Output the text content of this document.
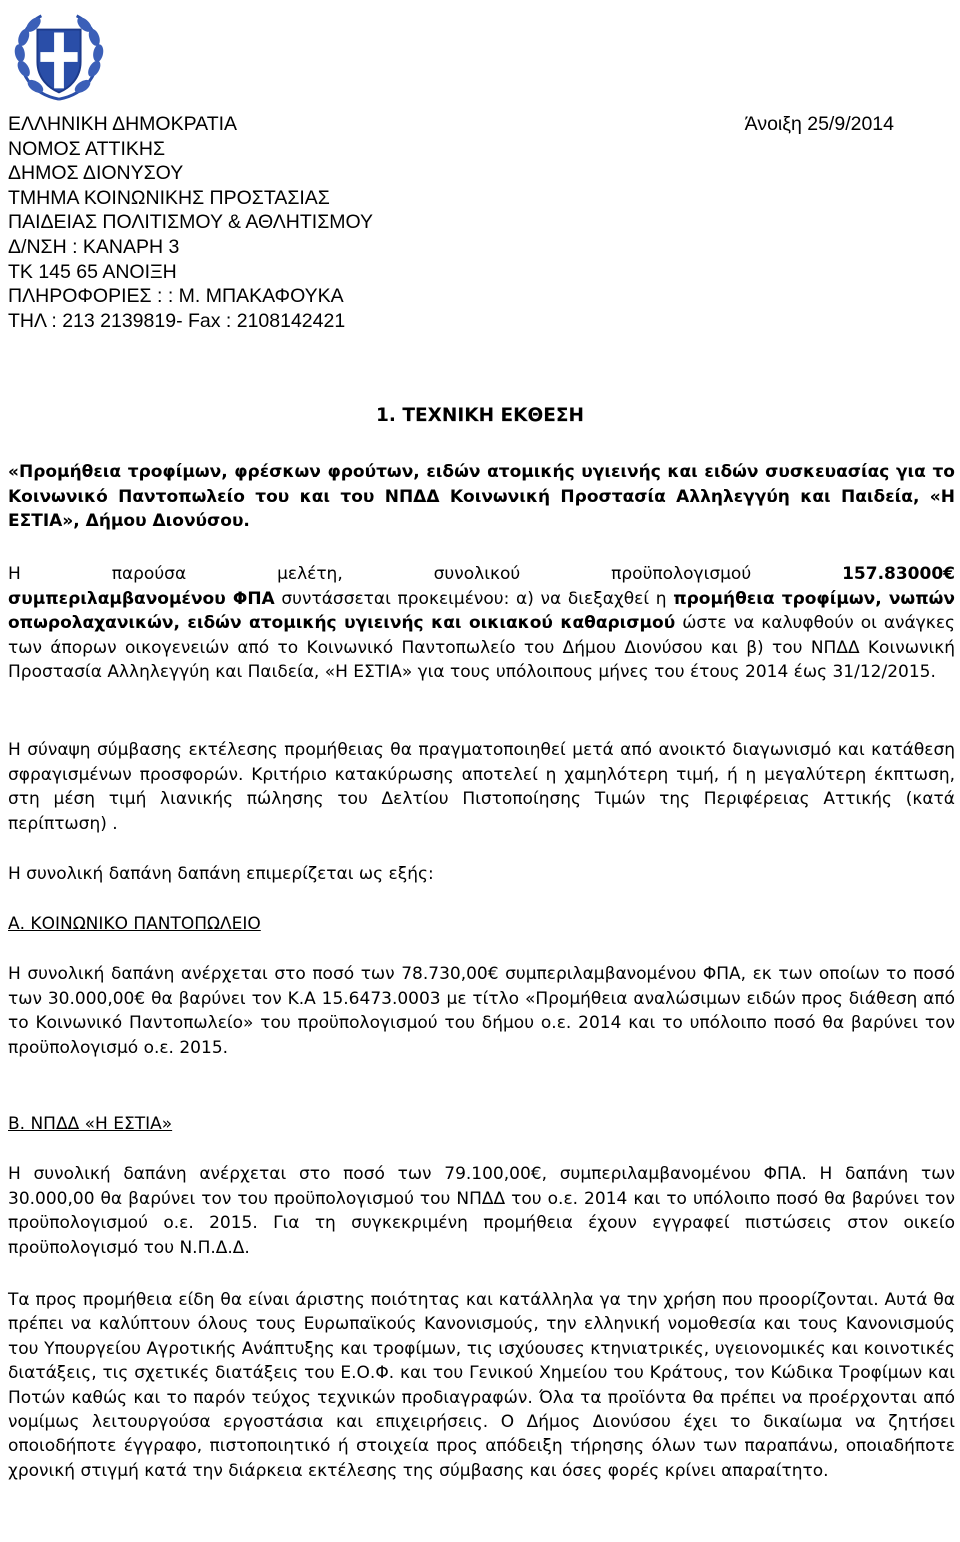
ΕΛΛΗΝΙΚΗ ΔΗΜΟΚΡΑΤΙΑ
ΝΟΜΟΣ ΑΤΤΙΚΗΣ
ΔΗΜΟΣ ΔΙΟΝΥΣΟΥ
ΤΜΗΜΑ ΚΟΙΝΩΝΙΚΗΣ ΠΡΟΣΤΑΣΙΑΣ
ΠΑΙΔΕΙΑΣ ΠΟΛΙΤΙΣΜΟΥ & ΑΘΛΗΤΙΣΜΟΥ
Δ/ΝΣΗ : ΚΑΝΑΡΗ 3
ΤΚ 145 65 ΑΝΟΙΞΗ
ΠΛΗΡΟΦΟΡΙΕΣ : : Μ. ΜΠΑΚΑΦΟΥΚΑ
ΤΗΛ : 213 2139819- Fax : 2108142421
Άνοιξη 25/9/2014
1. ΤΕΧΝΙΚΗ ΕΚΘΕΣΗ
«Προμήθεια τροφίμων, φρέσκων φρούτων, ειδών ατομικής υγιεινής και ειδών συσκευασίας για το Κοινωνικό Παντοπωλείο του και του ΝΠΔΔ Κοινωνική Προστασία Αλληλεγγύη και Παιδεία, «Η ΕΣΤΙΑ», Δήμου Διονύσου.
Η παρούσα μελέτη, συνολικού προϋπολογισμού	157.83000€
συμπεριλαμβανομένου ΦΠΑ συντάσσεται προκειμένου: α) να διεξαχθεί η προμήθεια τροφίμων, νωπών οπωρολαχανικών, ειδών ατομικής υγιεινής και οικιακού καθαρισμού ώστε να καλυφθούν οι ανάγκες των άπορων οικογενειών από το Κοινωνικό Παντοπωλείο του Δήμου Διονύσου και β) του ΝΠΔΔ Κοινωνική Προστασία Αλληλεγγύη και Παιδεία, «Η ΕΣΤΙΑ» για τους υπόλοιπους μήνες του έτους 2014 έως 31/12/2015.
Η σύναψη σύμβασης εκτέλεσης προμήθειας θα πραγματοποιηθεί μετά από ανοικτό διαγωνισμό και κατάθεση σφραγισμένων προσφορών. Κριτήριο κατακύρωσης αποτελεί η χαμηλότερη τιμή, ή η μεγαλύτερη έκπτωση, στη μέση τιμή λιανικής πώλησης του Δελτίου Πιστοποίησης Τιμών της Περιφέρειας Αττικής (κατά περίπτωση) .
Η συνολική δαπάνη δαπάνη επιμερίζεται ως εξής:
Α. ΚΟΙΝΩΝΙΚΟ ΠΑΝΤΟΠΩΛΕΙΟ
Η συνολική δαπάνη ανέρχεται στο ποσό των 78.730,00€ συμπεριλαμβανομένου ΦΠΑ, εκ των οποίων το ποσό των 30.000,00€ θα βαρύνει τον Κ.Α 15.6473.0003 με τίτλο «Προμήθεια αναλώσιμων ειδών προς διάθεση από το Κοινωνικό Παντοπωλείο» του προϋπολογισμού του δήμου ο.ε. 2014 και το υπόλοιπο ποσό θα βαρύνει τον προϋπολογισμό ο.ε. 2015.
Β. ΝΠΔΔ «Η ΕΣΤΙΑ»
Η συνολική δαπάνη ανέρχεται στο ποσό των 79.100,00€, συμπεριλαμβανομένου ΦΠΑ. Η δαπάνη των 30.000,00 θα βαρύνει τον του προϋπολογισμού του ΝΠΔΔ του ο.ε. 2014 και το υπόλοιπο ποσό θα βαρύνει τον προϋπολογισμού ο.ε. 2015. Για τη συγκεκριμένη προμήθεια έχουν εγγραφεί πιστώσεις στον οικείο προϋπολογισμό του Ν.Π.Δ.Δ.
Τα προς προμήθεια είδη θα είναι άριστης ποιότητας και κατάλληλα γα την χρήση που προορίζονται. Αυτά θα πρέπει να καλύπτουν όλους τους Ευρωπαϊκούς Κανονισμούς, την ελληνική νομοθεσία και τους Κανονισμούς του Υπουργείου Αγροτικής Ανάπτυξης και τροφίμων, τις ισχύουσες κτηνιατρικές, υγειονομικές και κοινοτικές διατάξεις, τις σχετικές διατάξεις του Ε.Ο.Φ. και του Γενικού Χημείου του Κράτους, τον Κώδικα Τροφίμων και Ποτών καθώς και το παρόν τεύχος τεχνικών προδιαγραφών. Όλα τα προϊόντα θα πρέπει να προέρχονται από νομίμως λειτουργούσα εργοστάσια και επιχειρήσεις. Ο Δήμος Διονύσου έχει το δικαίωμα να ζητήσει οποιοδήποτε έγγραφο, πιστοποιητικό ή στοιχεία προς απόδειξη τήρησης όλων των παραπάνω, οποιαδήποτε χρονική στιγμή κατά την διάρκεια εκτέλεσης της σύμβασης και όσες φορές κρίνει απαραίτητο.
